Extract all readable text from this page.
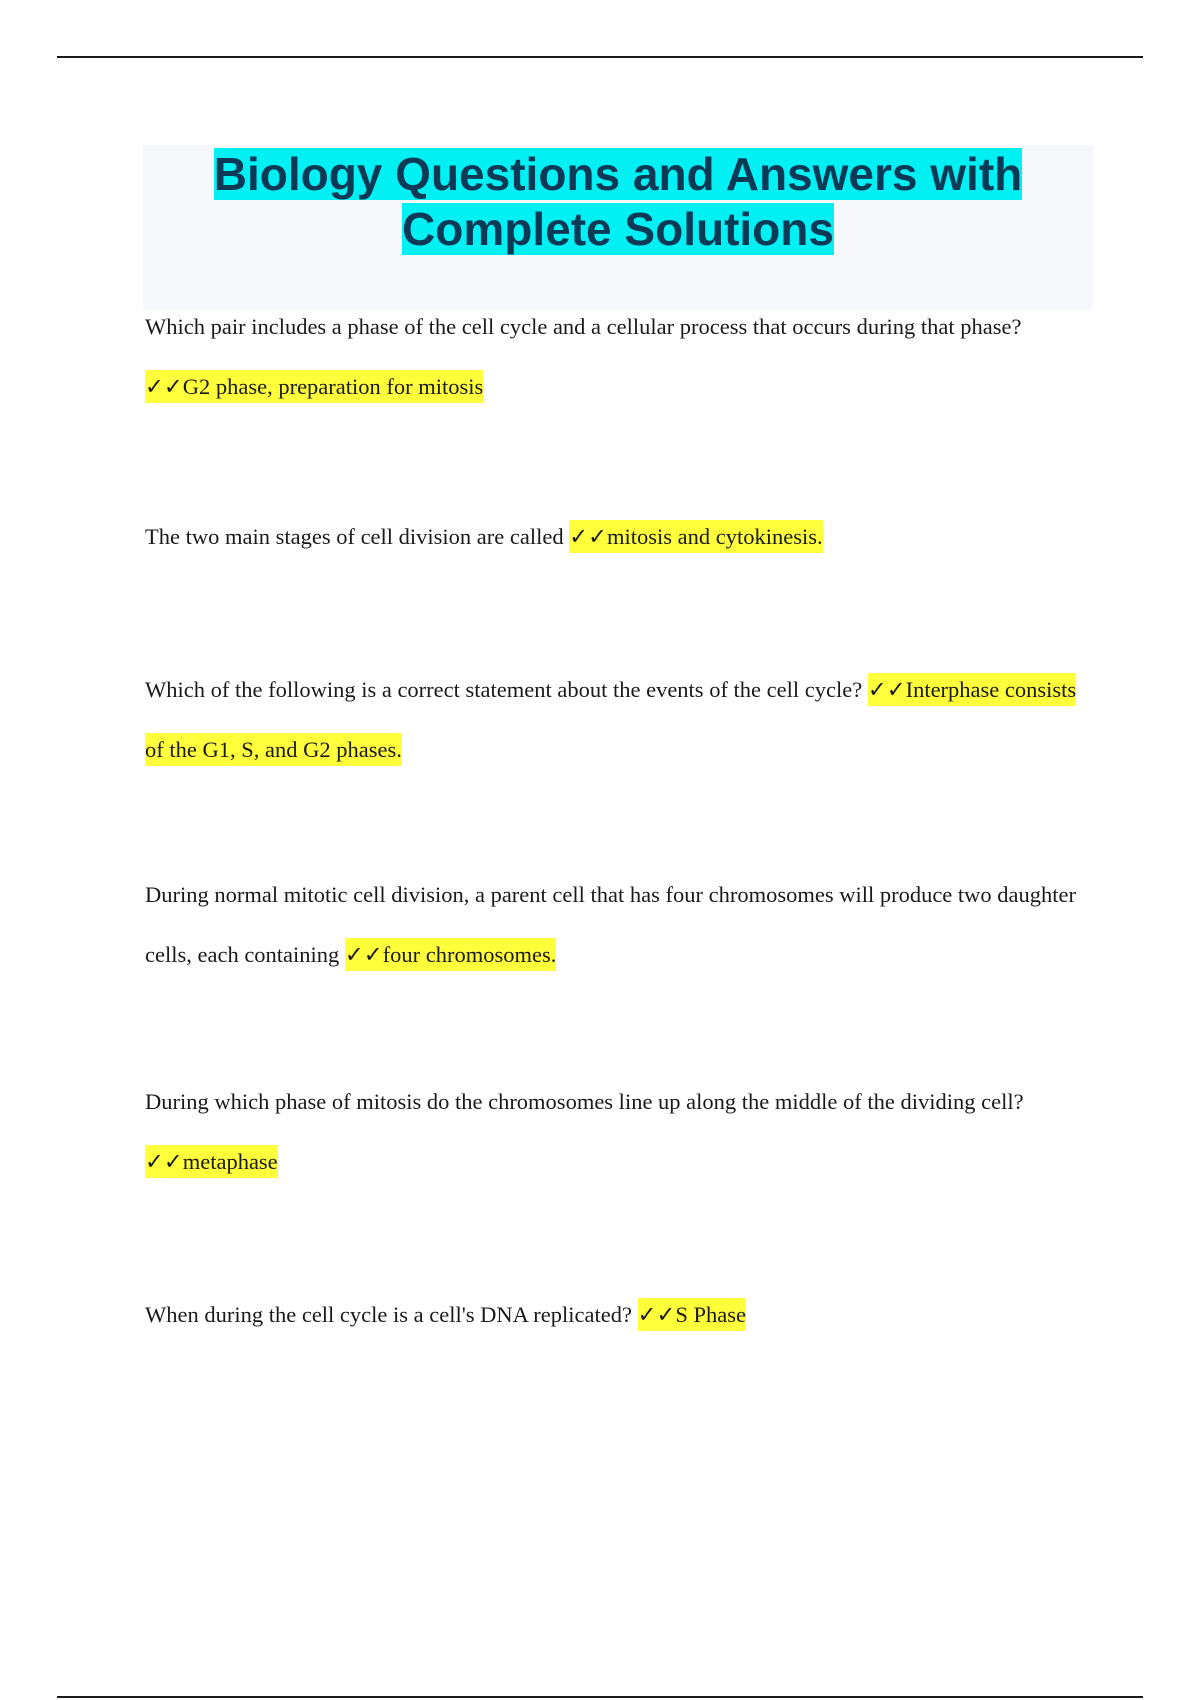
Biology Questions and Answers with
Complete Solutions

Which pair includes a phase of the cell cycle and a cellular process that occurs during that phase?
✓✓G2 phase, preparation for mitosis

The two main stages of cell division are called ✓✓mitosis and cytokinesis.

Which of the following is a correct statement about the events of the cell cycle? ✓✓Interphase consists of the G1, S, and G2 phases.

During normal mitotic cell division, a parent cell that has four chromosomes will produce two daughter cells, each containing ✓✓four chromosomes.

During which phase of mitosis do the chromosomes line up along the middle of the dividing cell? ✓✓metaphase

When during the cell cycle is a cell's DNA replicated? ✓✓S Phase
